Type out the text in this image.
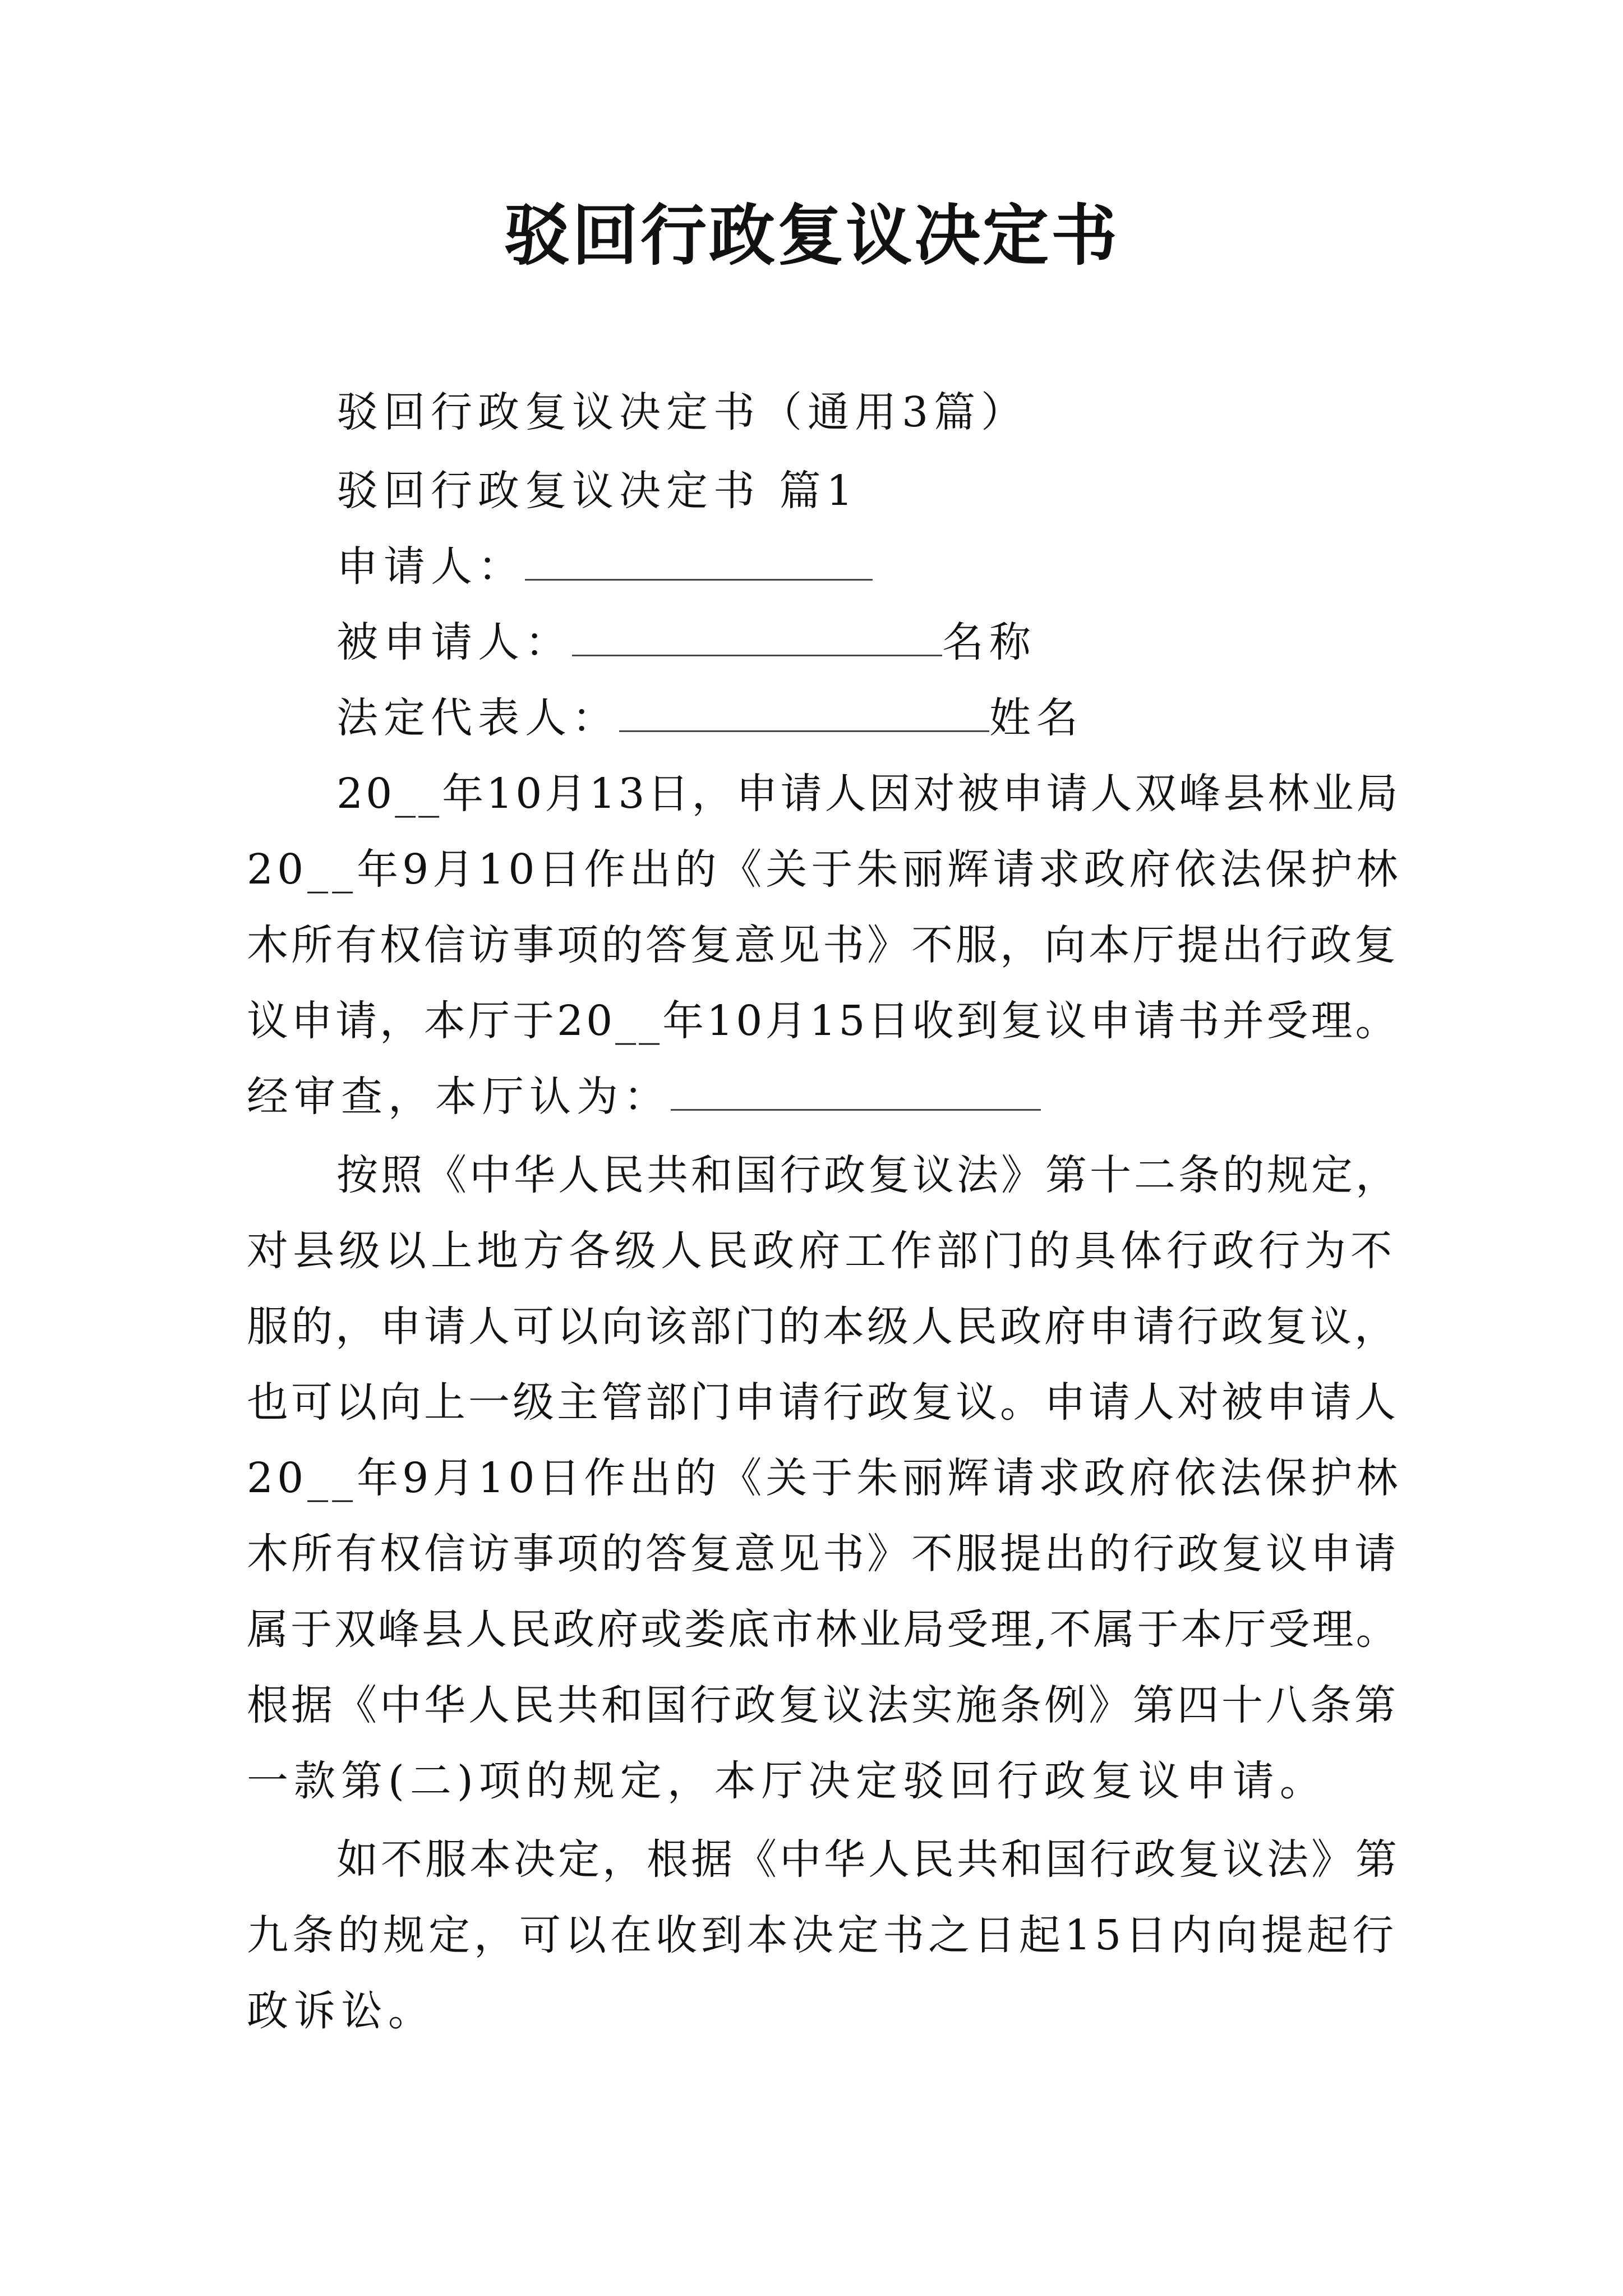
驳回行政复议决定书
驳回行政复议决定书（通用3篇）
驳回行政复议决定书 篇1
申请人：
被申请人：	名称
法定代表人：	姓名
20__年10月13日，申请人因对被申请人双峰县林业局
20__年9月10日作出的《关于朱丽辉请求政府依法保护林
木所有权信访事项的答复意见书》不服，向本厅提出行政复
议申请，本厅于20__年10月15日收到复议申请书并受理。
经审查，本厅认为：
按照《中华人民共和国行政复议法》第十二条的规定，
对县级以上地方各级人民政府工作部门的具体行政行为不
服的，申请人可以向该部门的本级人民政府申请行政复议，
也可以向上一级主管部门申请行政复议。申请人对被申请人
20__年9月10日作出的《关于朱丽辉请求政府依法保护林
木所有权信访事项的答复意见书》不服提出的行政复议申请
属于双峰县人民政府或娄底市林业局受理,不属于本厅受理。
根据《中华人民共和国行政复议法实施条例》第四十八条第
一款第(二)项的规定，本厅决定驳回行政复议申请。
如不服本决定，根据《中华人民共和国行政复议法》第
九条的规定，可以在收到本决定书之日起15日内向提起行
政诉讼。
